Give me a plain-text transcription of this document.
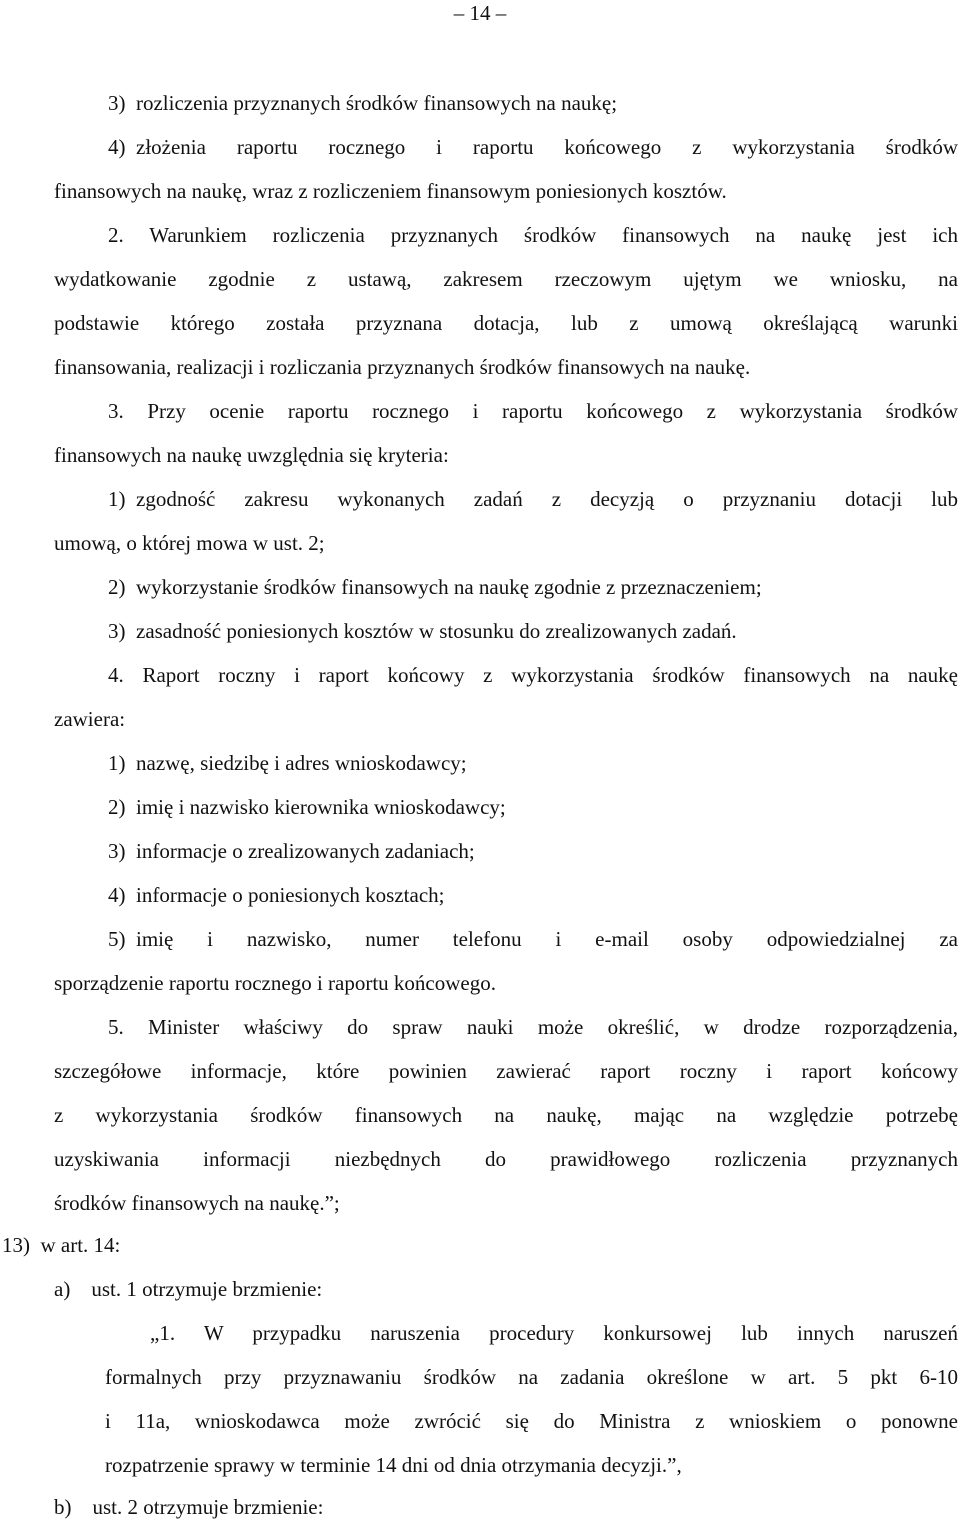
– 14 –
3) rozliczenia przyznanych środków finansowych na naukę;
4) złożenia raportu rocznego i raportu końcowego z wykorzystania środków
finansowych na naukę, wraz z rozliczeniem finansowym poniesionych kosztów.
2. Warunkiem rozliczenia przyznanych środków finansowych na naukę jest ich
wydatkowanie zgodnie z ustawą, zakresem rzeczowym ujętym we wniosku, na
podstawie którego została przyznana dotacja, lub z umową określającą warunki
finansowania, realizacji i rozliczania przyznanych środków finansowych na naukę.
3. Przy ocenie raportu rocznego i raportu końcowego z wykorzystania środków
finansowych na naukę uwzględnia się kryteria:
1) zgodność zakresu wykonanych zadań z decyzją o przyznaniu dotacji lub
umową, o której mowa w ust. 2;
2) wykorzystanie środków finansowych na naukę zgodnie z przeznaczeniem;
3) zasadność poniesionych kosztów w stosunku do zrealizowanych zadań.
4. Raport roczny i raport końcowy z wykorzystania środków finansowych na naukę
zawiera:
1) nazwę, siedzibę i adres wnioskodawcy;
2) imię i nazwisko kierownika wnioskodawcy;
3) informacje o zrealizowanych zadaniach;
4) informacje o poniesionych kosztach;
5) imię i nazwisko, numer telefonu i e-mail osoby odpowiedzialnej za
sporządzenie raportu rocznego i raportu końcowego.
5. Minister właściwy do spraw nauki może określić, w drodze rozporządzenia,
szczegółowe informacje, które powinien zawierać raport roczny i raport końcowy
z wykorzystania środków finansowych na naukę, mając na względzie potrzebę
uzyskiwania informacji niezbędnych do prawidłowego rozliczenia przyznanych
środków finansowych na naukę.”;
13) w art. 14:
a)  ust. 1 otrzymuje brzmienie:
„1. W przypadku naruszenia procedury konkursowej lub innych naruszeń
formalnych przy przyznawaniu środków na zadania określone w art. 5 pkt 6-10
i 11a, wnioskodawca może zwrócić się do Ministra z wnioskiem o ponowne
rozpatrzenie sprawy w terminie 14 dni od dnia otrzymania decyzji.”,
b)  ust. 2 otrzymuje brzmienie:
